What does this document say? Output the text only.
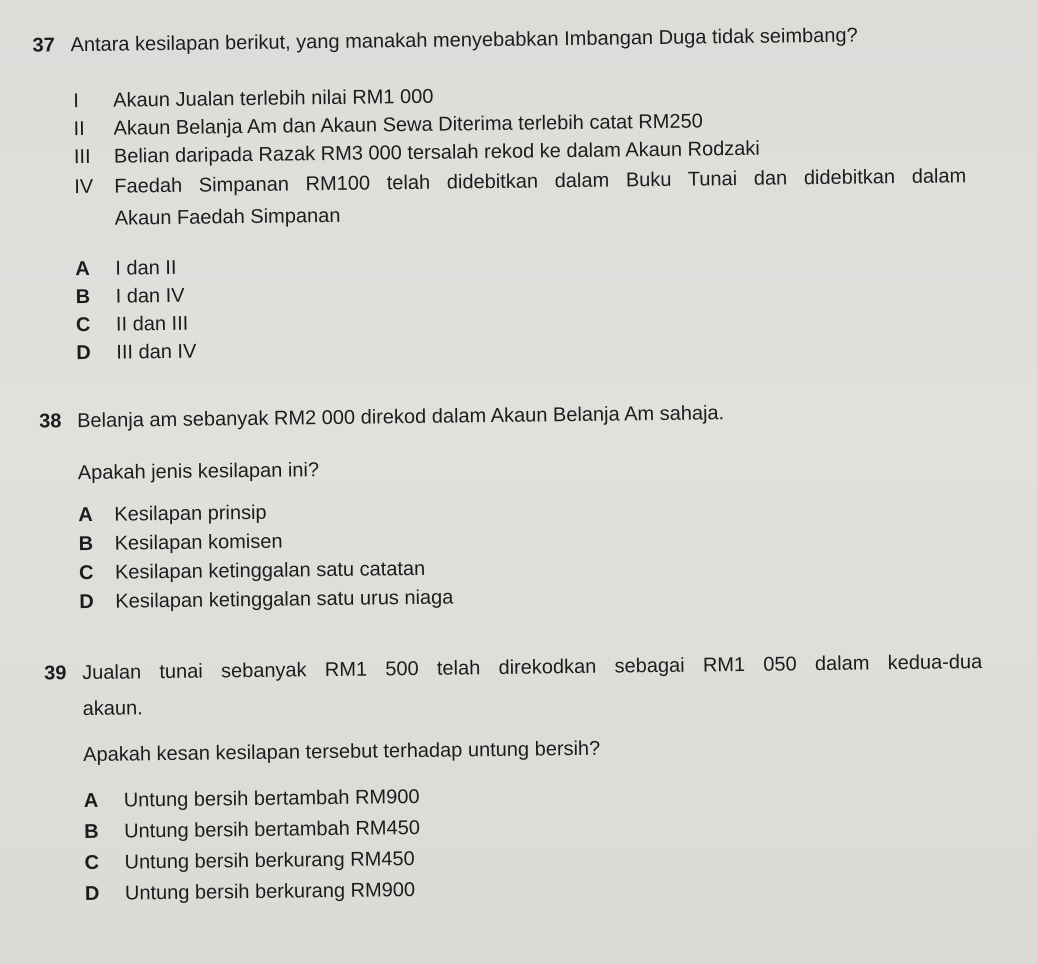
37 Antara kesilapan berikut, yang manakah menyebabkan Imbangan Duga tidak seimbang?
I Akaun Jualan terlebih nilai RM1 000
II Akaun Belanja Am dan Akaun Sewa Diterima terlebih catat RM250
III Belian daripada Razak RM3 000 tersalah rekod ke dalam Akaun Rodzaki
IV Faedah Simpanan RM100 telah didebitkan dalam Buku Tunai dan didebitkan dalam
Akaun Faedah Simpanan
A I dan II
B I dan IV
C II dan III
D III dan IV
38 Belanja am sebanyak RM2 000 direkod dalam Akaun Belanja Am sahaja.
Apakah jenis kesilapan ini?
A Kesilapan prinsip
B Kesilapan komisen
C Kesilapan ketinggalan satu catatan
D Kesilapan ketinggalan satu urus niaga
39 Jualan tunai sebanyak RM1 500 telah direkodkan sebagai RM1 050 dalam kedua-dua
akaun.
Apakah kesan kesilapan tersebut terhadap untung bersih?
A Untung bersih bertambah RM900
B Untung bersih bertambah RM450
C Untung bersih berkurang RM450
D Untung bersih berkurang RM900
